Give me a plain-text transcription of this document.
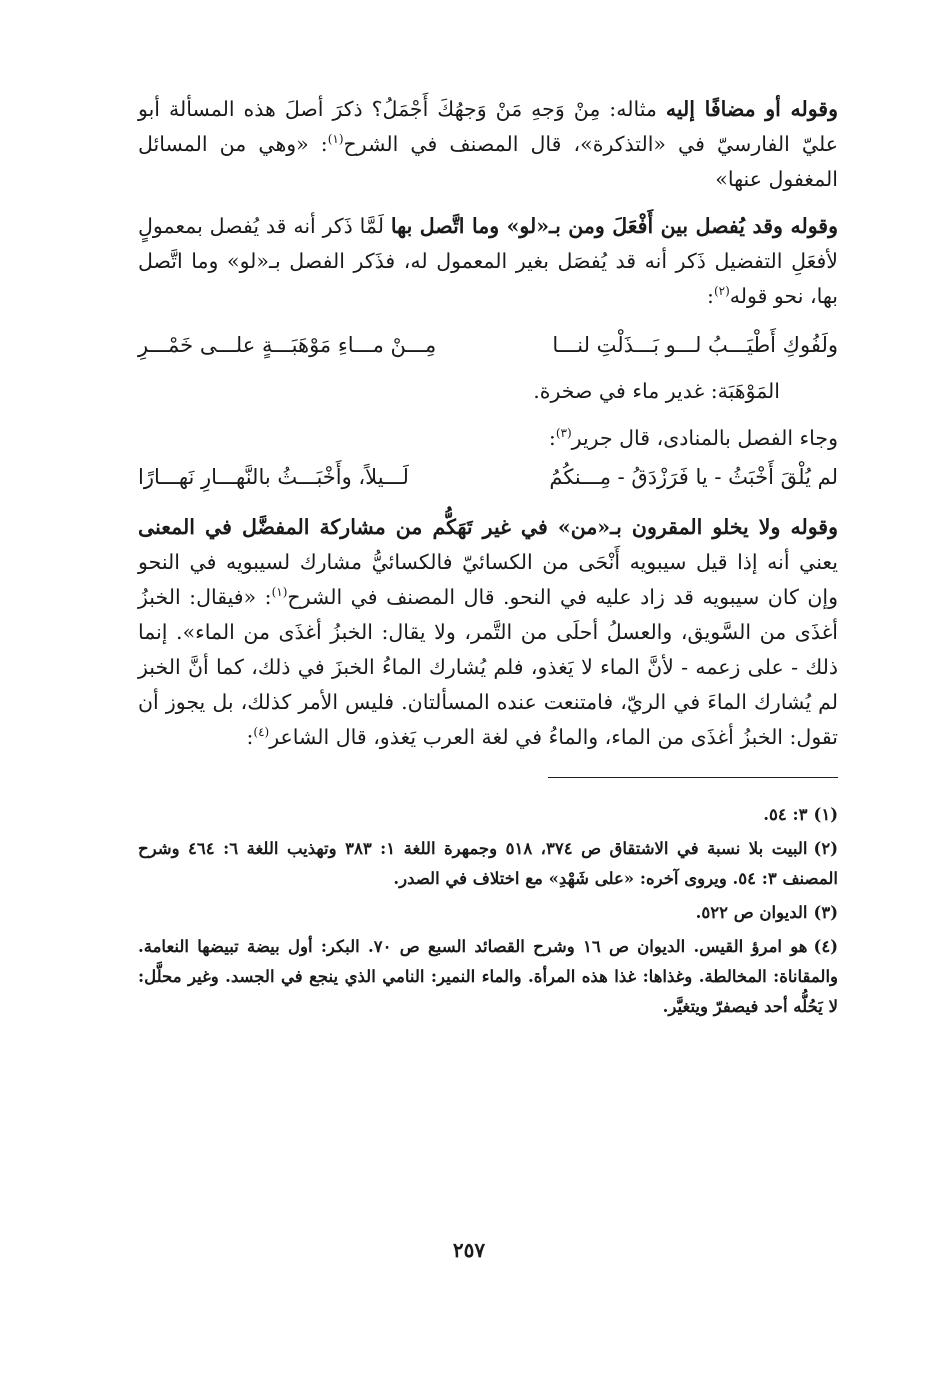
وقوله أو مضافًا إليه مثاله: مِنْ وَجهِ مَنْ وَجهُكَ أَجْمَلُ؟ ذكرَ أصلَ هذه المسألة أبو عليّ الفارسيّ في «التذكرة»، قال المصنف في الشرح$^{(١)}$: «وهي من المسائل المغفول عنها»

وقوله وقد يُفصل بين أَفْعَلَ ومن بـ«لو» وما اتَّصل بها لَمَّا ذَكر أنه قد يُفصل بمعمولٍ لأفعَلِ التفضيل ذَكر أنه قد يُفصَل بغير المعمول له، فذَكر الفصل بـ«لو» وما اتَّصل بها، نحو قوله$^{(٢)}$:

ولَفُوكِ أَطْيَـــبُ لـــو بَـــذَلْتِ لنـــا
مِـــنْ مـــاءِ مَوْهَبَـــةٍ علـــى خَمْـــرِ
المَوْهَبَة: غدير ماء في صخرة.
وجاء الفصل بالمنادى، قال جرير$^{(٣)}$:
لم يُلْقَ أَخْبَثُ - يا فَرَزْدَقُ - مِـــنكُمُ
لَـــيلاً، وأَخْبَـــثُ بالنَّهـــارِ نَهـــارًا

وقوله ولا يخلو المقرون بـ«من» في غير تَهَكُّم من مشاركة المفضَّل في المعنى يعني أنه إذا قيل سيبويه أَنْحَى من الكسائيّ فالكسائيُّ مشارك لسيبويه في النحو وإن كان سيبويه قد زاد عليه في النحو. قال المصنف في الشرح$^{(١)}$: «فيقال: الخبزُ أغذَى من السَّويق، والعسلُ أحلَى من التَّمر، ولا يقال: الخبزُ أغذَى من الماء». إنما ذلك - على زعمه - لأنَّ الماء لا يَغذو، فلم يُشارك الماءُ الخبزَ في ذلك، كما أنَّ الخبز لم يُشارك الماءَ في الريّ، فامتنعت عنده المسألتان. فليس الأمر كذلك، بل يجوز أن تقول: الخبزُ أغذَى من الماء، والماءُ في لغة العرب يَغذو، قال الشاعر$^{(٤)}$:

(١)٣: ٥٤.

(٢)البيت بلا نسبة في الاشتقاق ص ٣٧٤، ٥١٨ وجمهرة اللغة ١: ٣٨٣ وتهذيب اللغة ٦: ٤٦٤ وشرح المصنف ٣: ٥٤. ويروى آخره: «على شَهْدِ» مع اختلاف في الصدر.

(٣)الديوان ص ٥٢٢.

(٤)هو امرؤ القيس. الديوان ص ١٦ وشرح القصائد السبع ص ٧٠. البكر: أول بيضة تبيضها النعامة. والمقاناة: المخالطة. وغذاها: غذا هذه المرأة. والماء النمير: النامي الذي ينجع في الجسد. وغير محلَّل: لا يَحُلُّه أحد فيصفرّ ويتغيَّر.

٢٥٧
